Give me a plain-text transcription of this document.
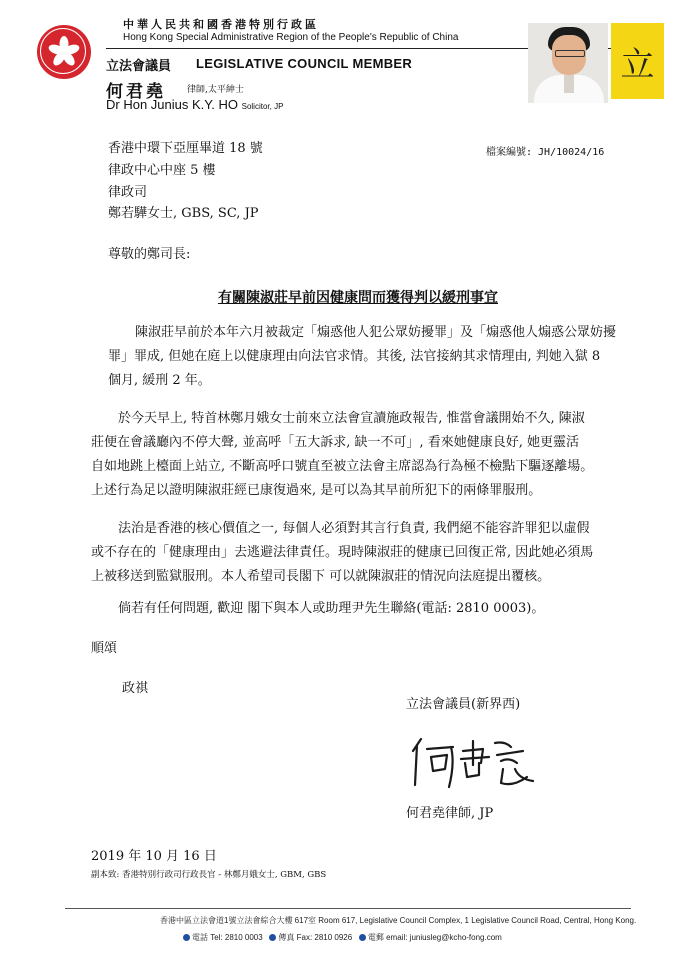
中華人民共和國香港特別行政區
Hong Kong Special Administrative Region of the People's Republic of China
立法會議員 LEGISLATIVE COUNCIL MEMBER
何君堯 律師,太平紳士
Dr Hon Junius K.Y. HO Solicitor, JP
立
香港中環下亞厘畢道 18 號
律政中心中座 5 樓
律政司
鄭若驊女士, GBS, SC, JP
檔案編號: JH/10024/16
尊敬的鄭司長:
有關陳淑莊早前因健康問而獲得判以緩刑事宜
陳淑莊早前於本年六月被裁定「煽惑他人犯公眾妨擾罪」及「煽惑他人煽惑公眾妨擾
罪」罪成, 但她在庭上以健康理由向法官求情。其後, 法官接納其求情理由, 判她入獄 8
個月, 緩刑 2 年。
於今天早上, 特首林鄭月娥女士前來立法會宣讀施政報告, 惟當會議開始不久, 陳淑
莊便在會議廳內不停大聲, 並高呼「五大訴求, 缺一不可」, 看來她健康良好, 她更靈活
自如地跳上檯面上站立, 不斷高呼口號直至被立法會主席認為行為極不檢點下驅逐離場。
上述行為足以證明陳淑莊經已康復過來, 是可以為其早前所犯下的兩條罪服刑。
法治是香港的核心價值之一, 每個人必須對其言行負責, 我們絕不能容許罪犯以虛假
或不存在的「健康理由」去逃避法律責任。現時陳淑莊的健康已回復正常, 因此她必須馬
上被移送到監獄服刑。本人希望司長閣下 可以就陳淑莊的情況向法庭提出覆核。
倘若有任何問題, 歡迎 閣下與本人或助理尹先生聯絡(電話: 2810 0003)。
順頌
政祺
立法會議員(新界西)
何君堯律師, JP
2019 年 10 月 16 日
副本致: 香港特別行政司行政長官 - 林鄭月娥女士, GBM, GBS
香港中區立法會道1號立法會綜合大樓 617室 Room 617, Legislative Council Complex, 1 Legislative Council Road, Central, Hong Kong.
電話 Tel: 2810 0003 傳真 Fax: 2810 0926 電郵 email: juniusleg@kcho-fong.com
